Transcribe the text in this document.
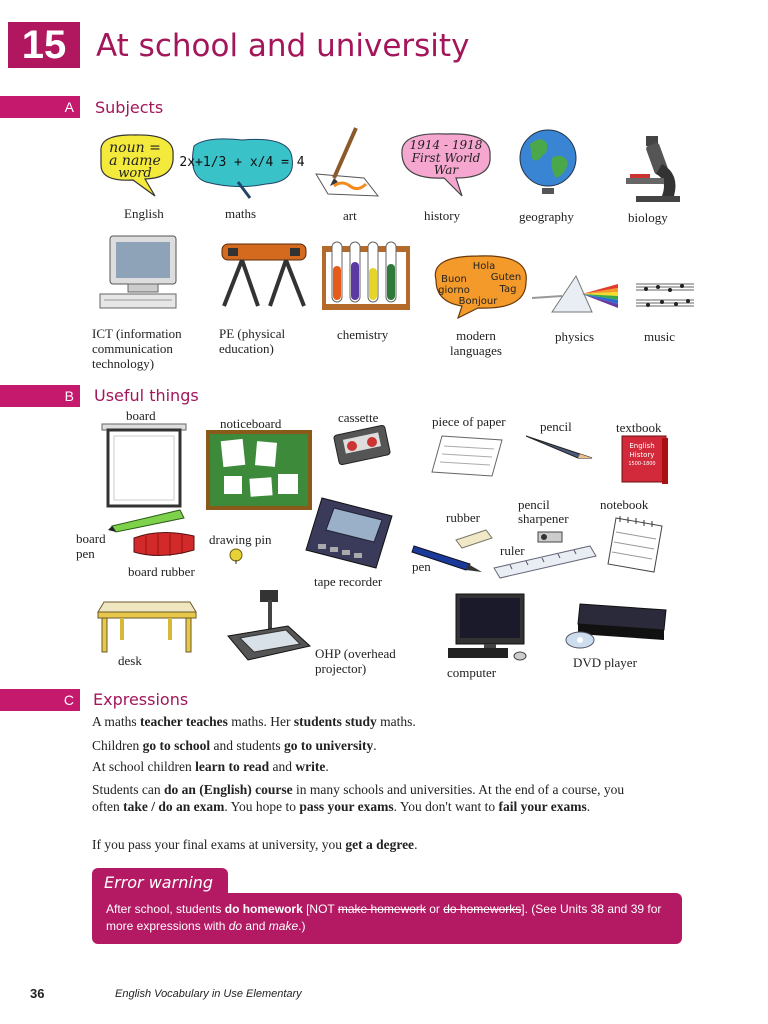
15 At school and university
A	Subjects
noun =
a name
word
English
2x+1/3 + x/4 = 4
maths	art
1914 - 1918
First World
War
history	geography	biology
ICT (information
communication
technology)
PE (physical
education)
chemistry
Hola
Buon Guten
giorno	Tag
Bonjour
modern
languages
physics	music
B	Useful things
board
noticeboard	cassette	piece of paper	pencil	textbook
English
History
1500-1800
board
pen
board rubber
drawing pin
tape recorder
rubber
pencil
sharpener
notebook
ruler
pen
desk	OHP (overhead
projector)	computer
DVD player
C	Expressions
A maths teacher teaches maths. Her students study maths.
Children go to school and students go to university.
At school children learn to read and write.
Students can do an (English) course in many schools and universities. At the end of a course, you often take / do an exam. You hope to pass your exams. You don't want to fail your exams.
If you pass your final exams at university, you get a degree.
After school, students do homework [NOT make homework or do homeworks]. (See Units 38 and 39 for more expressions with do and make.)
Error warning
36	English Vocabulary in Use Elementary
